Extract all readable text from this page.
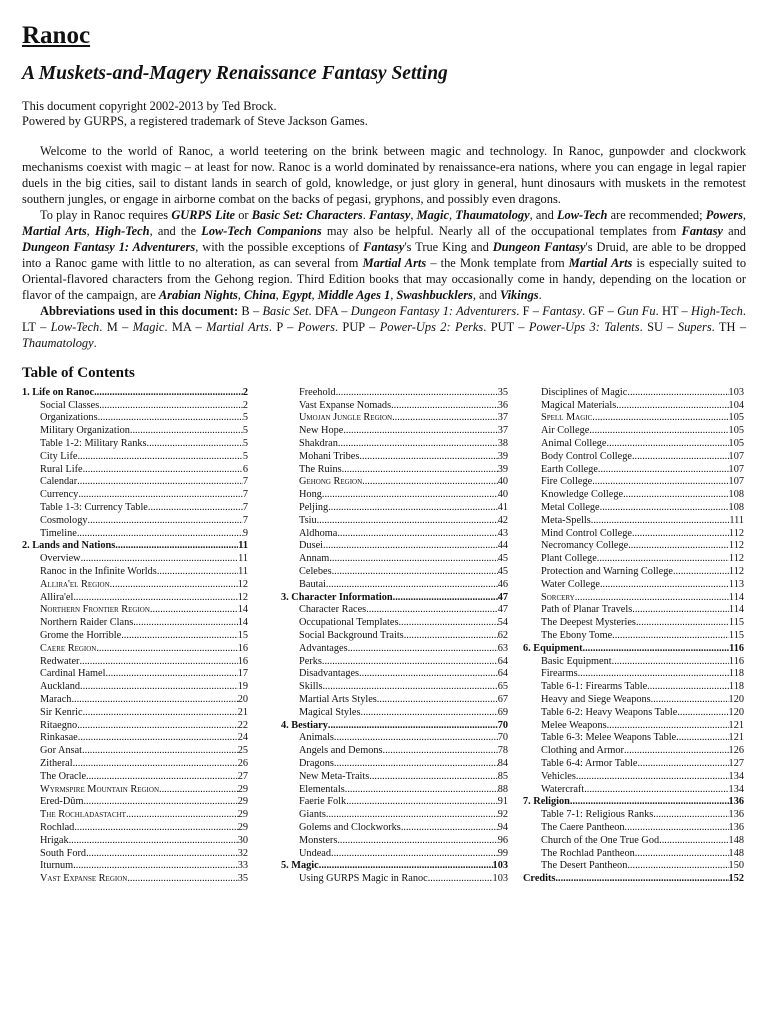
Ranoc
A Muskets-and-Magery Renaissance Fantasy Setting
This document copyright 2002-2013 by Ted Brock.
Powered by GURPS, a registered trademark of Steve Jackson Games.

Welcome to the world of Ranoc, a world teetering on the brink between magic and technology. In Ranoc, gunpowder and clockwork mechanisms coexist with magic – at least for now. Ranoc is a world dominated by renaissance-era nations, where you can engage in legal rapier duels in the big cities, sail to distant lands in search of gold, knowledge, or just glory in general, hunt dinosaurs with muskets in the remotest southern jungles, or engage in airborne combat on the backs of pegasi, gryphons, and possibly even dragons.

To play in Ranoc requires GURPS Lite or Basic Set: Characters. Fantasy, Magic, Thaumatology, and Low-Tech are recommended; Powers, Martial Arts, High-Tech, and the Low-Tech Companions may also be helpful. Nearly all of the occupational templates from Fantasy and Dungeon Fantasy 1: Adventurers, with the possible exceptions of Fantasy's True King and Dungeon Fantasy's Druid, are able to be dropped into a Ranoc game with little to no alteration, as can several from Martial Arts – the Monk template from Martial Arts is especially suited to Oriental-flavored characters from the Gehong region. Third Edition books that may occasionally come in handy, depending on the location or flavor of the campaign, are Arabian Nights, China, Egypt, Middle Ages 1, Swashbucklers, and Vikings.

Abbreviations used in this document: B – Basic Set. DFA – Dungeon Fantasy 1: Adventurers. F – Fantasy. GF – Gun Fu. HT – High-Tech. LT – Low-Tech. M – Magic. MA – Martial Arts. P – Powers. PUP – Power-Ups 2: Perks. PUT – Power-Ups 3: Talents. SU – Supers. TH – Thaumatology.

Table of Contents
1. Life on Ranoc .....	2
Social Classes .....	2
Organizations .....	5
Military Organization .....	5
Table 1-2: Military Ranks .....	5
City Life .....	5
Rural Life .....	6
Calendar .....	7
Currency .....	7
Table 1-3: Currency Table .....	7
Cosmology .....	7
Timeline .....	9
2. Lands and Nations .....	11
Overview .....	11
Ranoc in the Infinite Worlds .....	11
Allira'el Region .....	12
Allira'el .....	12
Northern Frontier Region .....	14
Northern Raider Clans .....	14
Grome the Horrible .....	15
Caere Region .....	16
Redwater .....	16
Cardinal Hamel .....	17
Auckland .....	19
Marach .....	20
Sir Kenric .....	21
Ritaegno .....	22
Rinkasae .....	24
Gor Ansat .....	25
Zitheral .....	26
The Oracle .....	27
Wyrmspire Mountain Region .....	29
Ered-Dûm .....	29
The Rochladastacht .....	29
Rochlad .....	29
Hrigak .....	30
South Ford .....	32
Iturnum .....	33
Vast Expanse Region .....	35
Freehold .....	35
Vast Expanse Nomads .....	36
Umojan Jungle Region .....	37
New Hope .....	37
Shakdran .....	38
Mohani Tribes .....	39
The Ruins .....	39
Gehong Region .....	40
Hong .....	40
Peljing .....	41
Tsiu .....	42
Aldhoma .....	43
Dusei .....	44
Annam .....	45
Celebes .....	45
Bautai .....	46
3. Character Information .....	47
Character Races .....	47
Occupational Templates .....	54
Social Background Traits .....	62
Advantages .....	63
Perks .....	64
Disadvantages .....	64
Skills .....	65
Martial Arts Styles .....	67
Magical Styles .....	69
4. Bestiary .....	70
Animals .....	70
Angels and Demons .....	78
Dragons .....	84
New Meta-Traits .....	85
Elementals .....	88
Faerie Folk .....	91
Giants .....	92
Golems and Clockworks .....	94
Monsters .....	96
Undead .....	99
5. Magic .....	103
Using GURPS Magic in Ranoc .....	103
Disciplines of Magic .....	103
Magical Materials .....	104
Spell Magic .....	105
Air College .....	105
Animal College .....	105
Body Control College .....	107
Earth College .....	107
Fire College .....	107
Knowledge College .....	108
Metal College .....	108
Meta-Spells .....	111
Mind Control College .....	112
Necromancy College .....	112
Plant College .....	112
Protection and Warning College .....	112
Water College .....	113
Sorcery .....	114
Path of Planar Travels .....	114
The Deepest Mysteries .....	115
The Ebony Tome .....	115
6. Equipment .....	116
Basic Equipment .....	116
Firearms .....	118
Table 6-1: Firearms Table .....	118
Heavy and Siege Weapons .....	120
Table 6-2: Heavy Weapons Table .....	120
Melee Weapons .....	121
Table 6-3: Melee Weapons Table .....	121
Clothing and Armor .....	126
Table 6-4: Armor Table .....	127
Vehicles .....	134
Watercraft .....	134
7. Religion .....	136
Table 7-1: Religious Ranks .....	136
The Caere Pantheon .....	136
Church of the One True God .....	148
The Rochlad Pantheon .....	148
The Desert Pantheon .....	150
Credits .....	152
